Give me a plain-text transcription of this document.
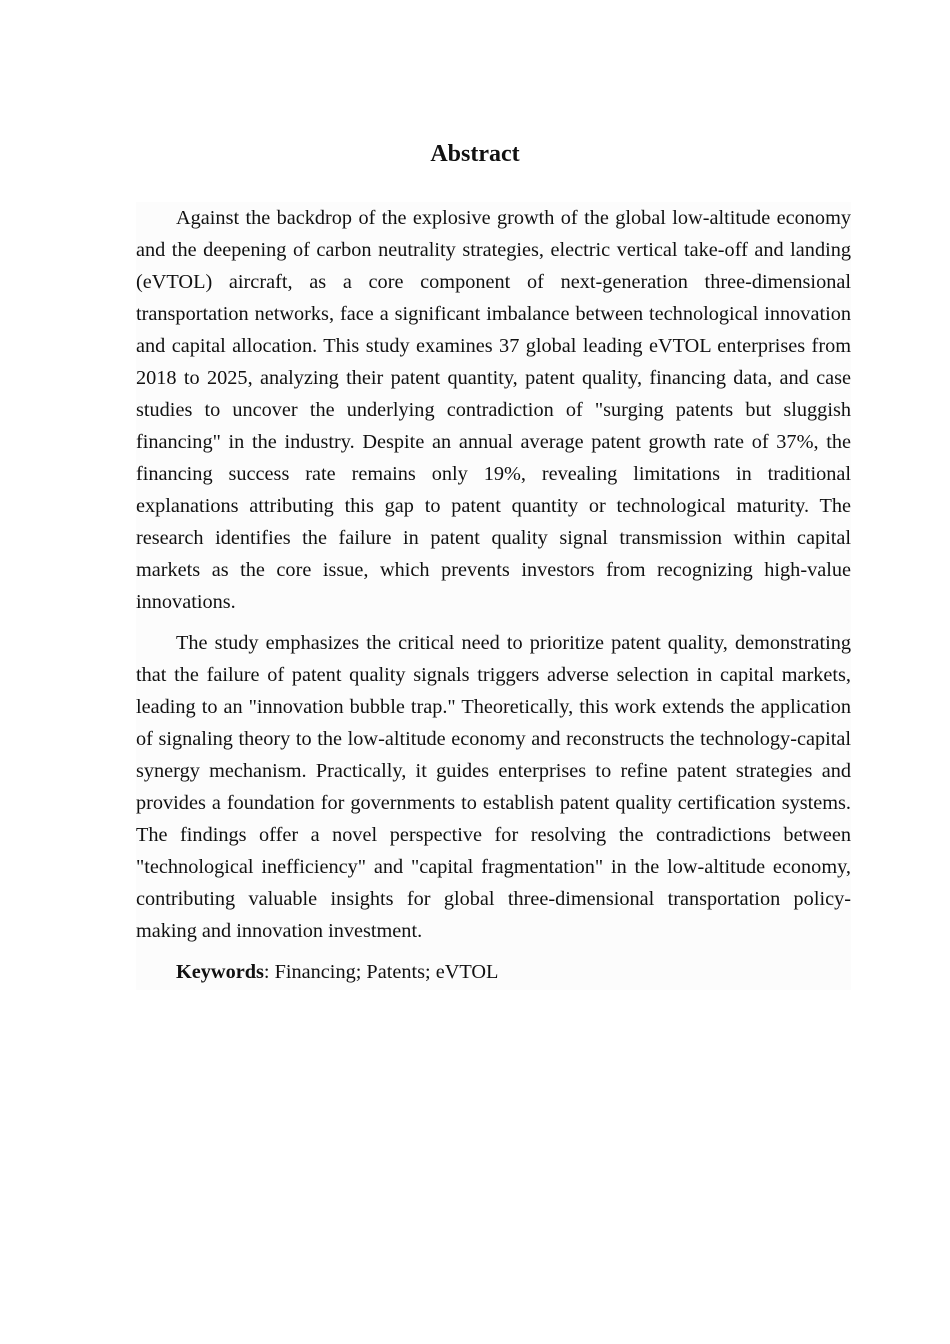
Abstract

Against the backdrop of the explosive growth of the global low-altitude economy and the deepening of carbon neutrality strategies, electric vertical take-off and landing (eVTOL) aircraft, as a core component of next-generation three-dimensional transportation networks, face a significant imbalance between technological innovation and capital allocation. This study examines 37 global leading eVTOL enterprises from 2018 to 2025, analyzing their patent quantity, patent quality, financing data, and case studies to uncover the underlying contradiction of "surging patents but sluggish financing" in the industry. Despite an annual average patent growth rate of 37%, the financing success rate remains only 19%, revealing limitations in traditional explanations attributing this gap to patent quantity or technological maturity. The research identifies the failure in patent quality signal transmission within capital markets as the core issue, which prevents investors from recognizing high-value innovations.

The study emphasizes the critical need to prioritize patent quality, demonstrating that the failure of patent quality signals triggers adverse selection in capital markets, leading to an "innovation bubble trap." Theoretically, this work extends the application of signaling theory to the low-altitude economy and reconstructs the technology-capital synergy mechanism. Practically, it guides enterprises to refine patent strategies and provides a foundation for governments to establish patent quality certification systems. The findings offer a novel perspective for resolving the contradictions between "technological inefficiency" and "capital fragmentation" in the low-altitude economy, contributing valuable insights for global three-dimensional transportation policy-making and innovation investment.

Keywords: Financing; Patents; eVTOL
